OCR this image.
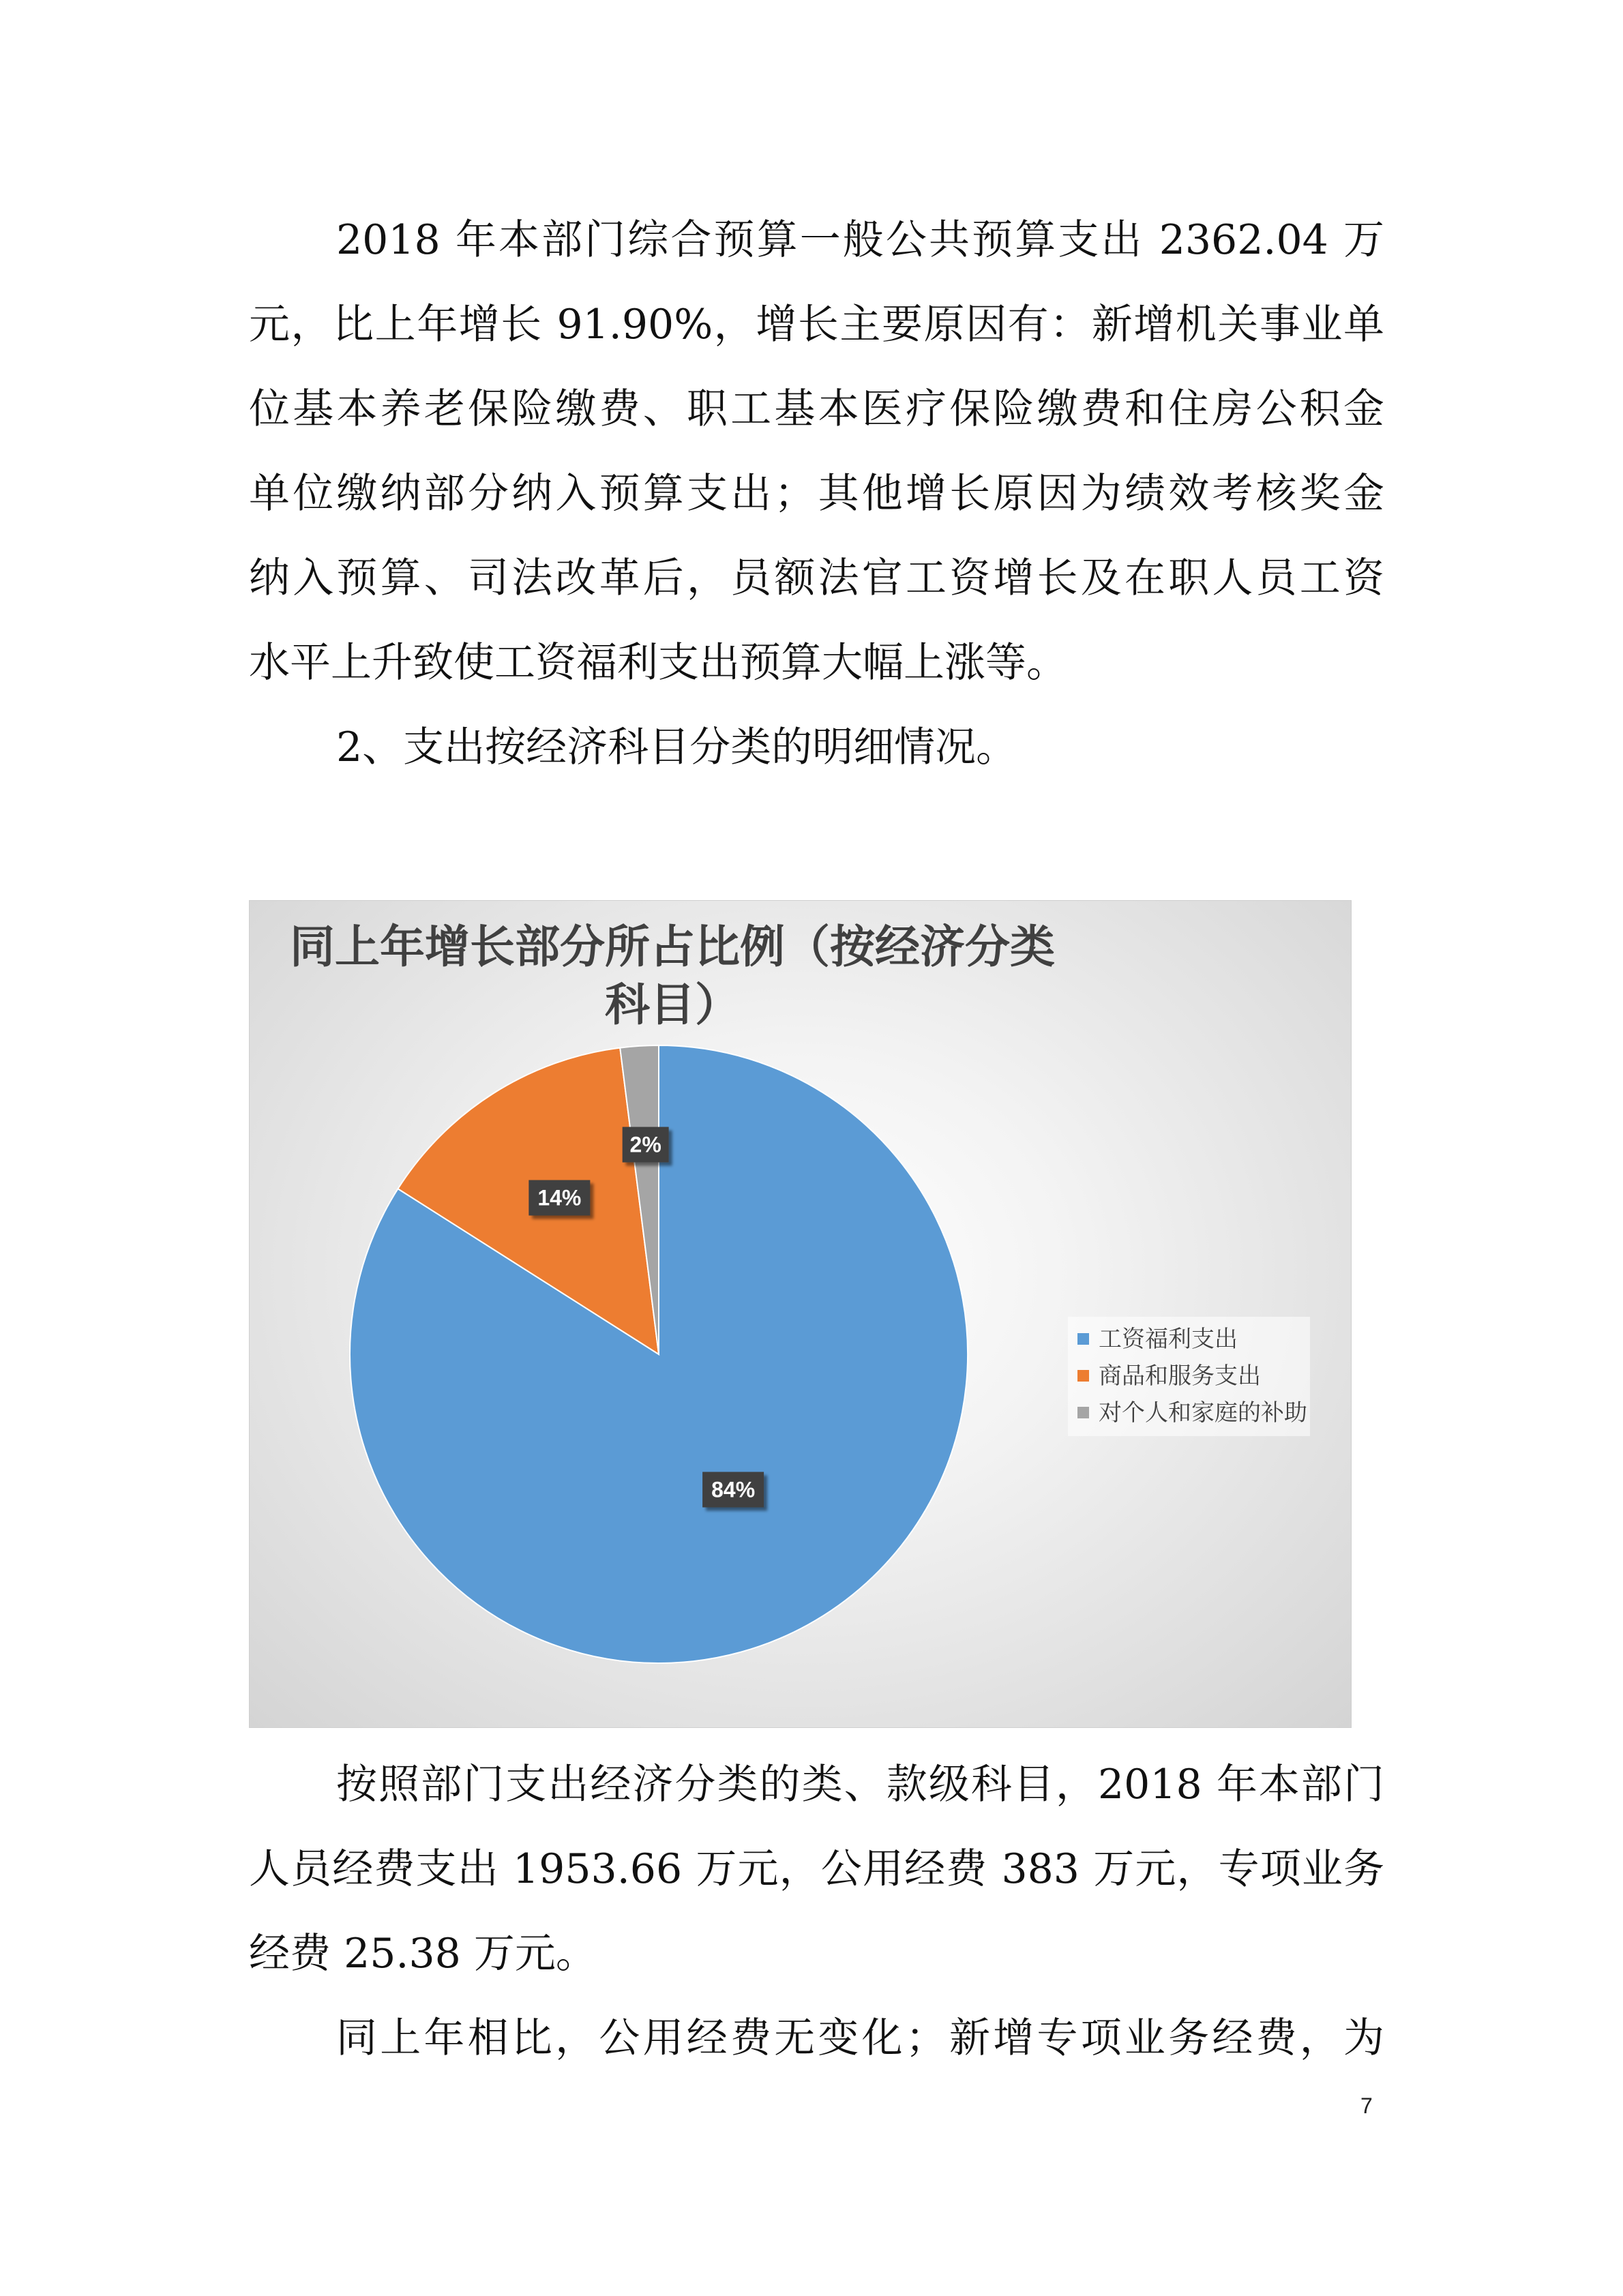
2018 年本部门综合预算一般公共预算支出 2362.04 万
元，比上年增长 91.90%，增长主要原因有：新增机关事业单
位基本养老保险缴费、职工基本医疗保险缴费和住房公积金
单位缴纳部分纳入预算支出；其他增长原因为绩效考核奖金
纳入预算、司法改革后，员额法官工资增长及在职人员工资

水平上升致使工资福利支出预算大幅上涨等。
2、支出按经济科目分类的明细情况。
同上年增长部分所占比例（按经济分类
科目）
84%
14%
2%
工资福利支出
商品和服务支出
对个人和家庭的补助
按照部门支出经济分类的类、款级科目，2018 年本部门
人员经费支出 1953.66 万元，公用经费 383 万元，专项业务

经费 25.38 万元。
同上年相比，公用经费无变化；新增专项业务经费，为
7
